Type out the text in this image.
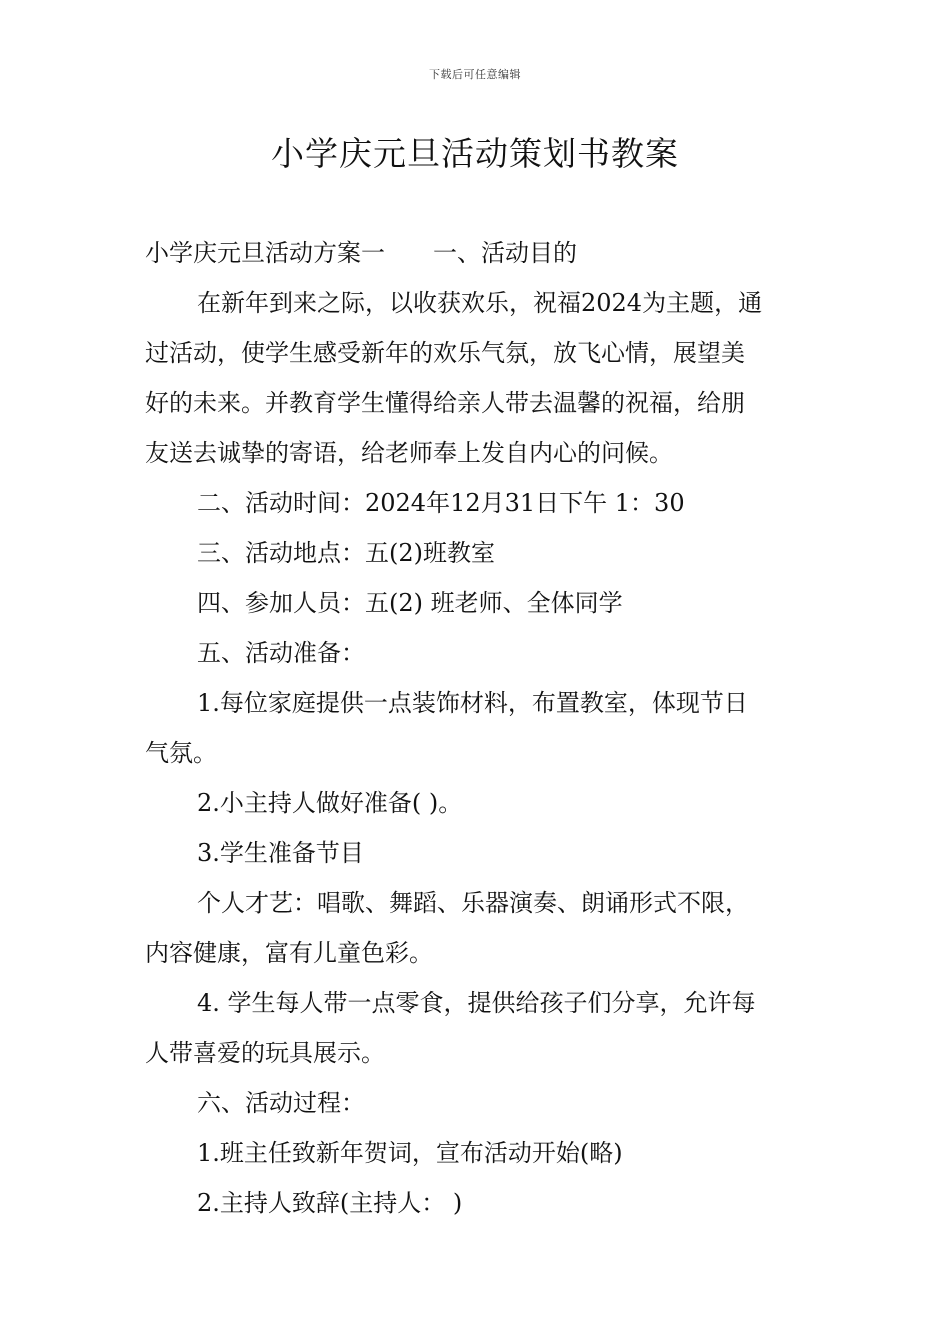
下载后可任意编辑
小学庆元旦活动策划书教案
小学庆元旦活动方案一 一、活动目的
在新年到来之际，以收获欢乐，祝福2024为主题，通
过活动，使学生感受新年的欢乐气氛，放飞心情，展望美
好的未来。并教育学生懂得给亲人带去温馨的祝福，给朋
友送去诚挚的寄语，给老师奉上发自内心的问候。
二、活动时间：2024年12月31日下午 1：30
三、活动地点：五(2)班教室
四、参加人员：五(2) 班老师、全体同学
五、活动准备：
1.每位家庭提供一点装饰材料，布置教室，体现节日
气氛。
2.小主持人做好准备( )。
3.学生准备节目
个人才艺：唱歌、舞蹈、乐器演奏、朗诵形式不限，
内容健康，富有儿童色彩。
4. 学生每人带一点零食，提供给孩子们分享，允许每
人带喜爱的玩具展示。
六、活动过程：
1.班主任致新年贺词，宣布活动开始(略)
2.主持人致辞(主持人： )
